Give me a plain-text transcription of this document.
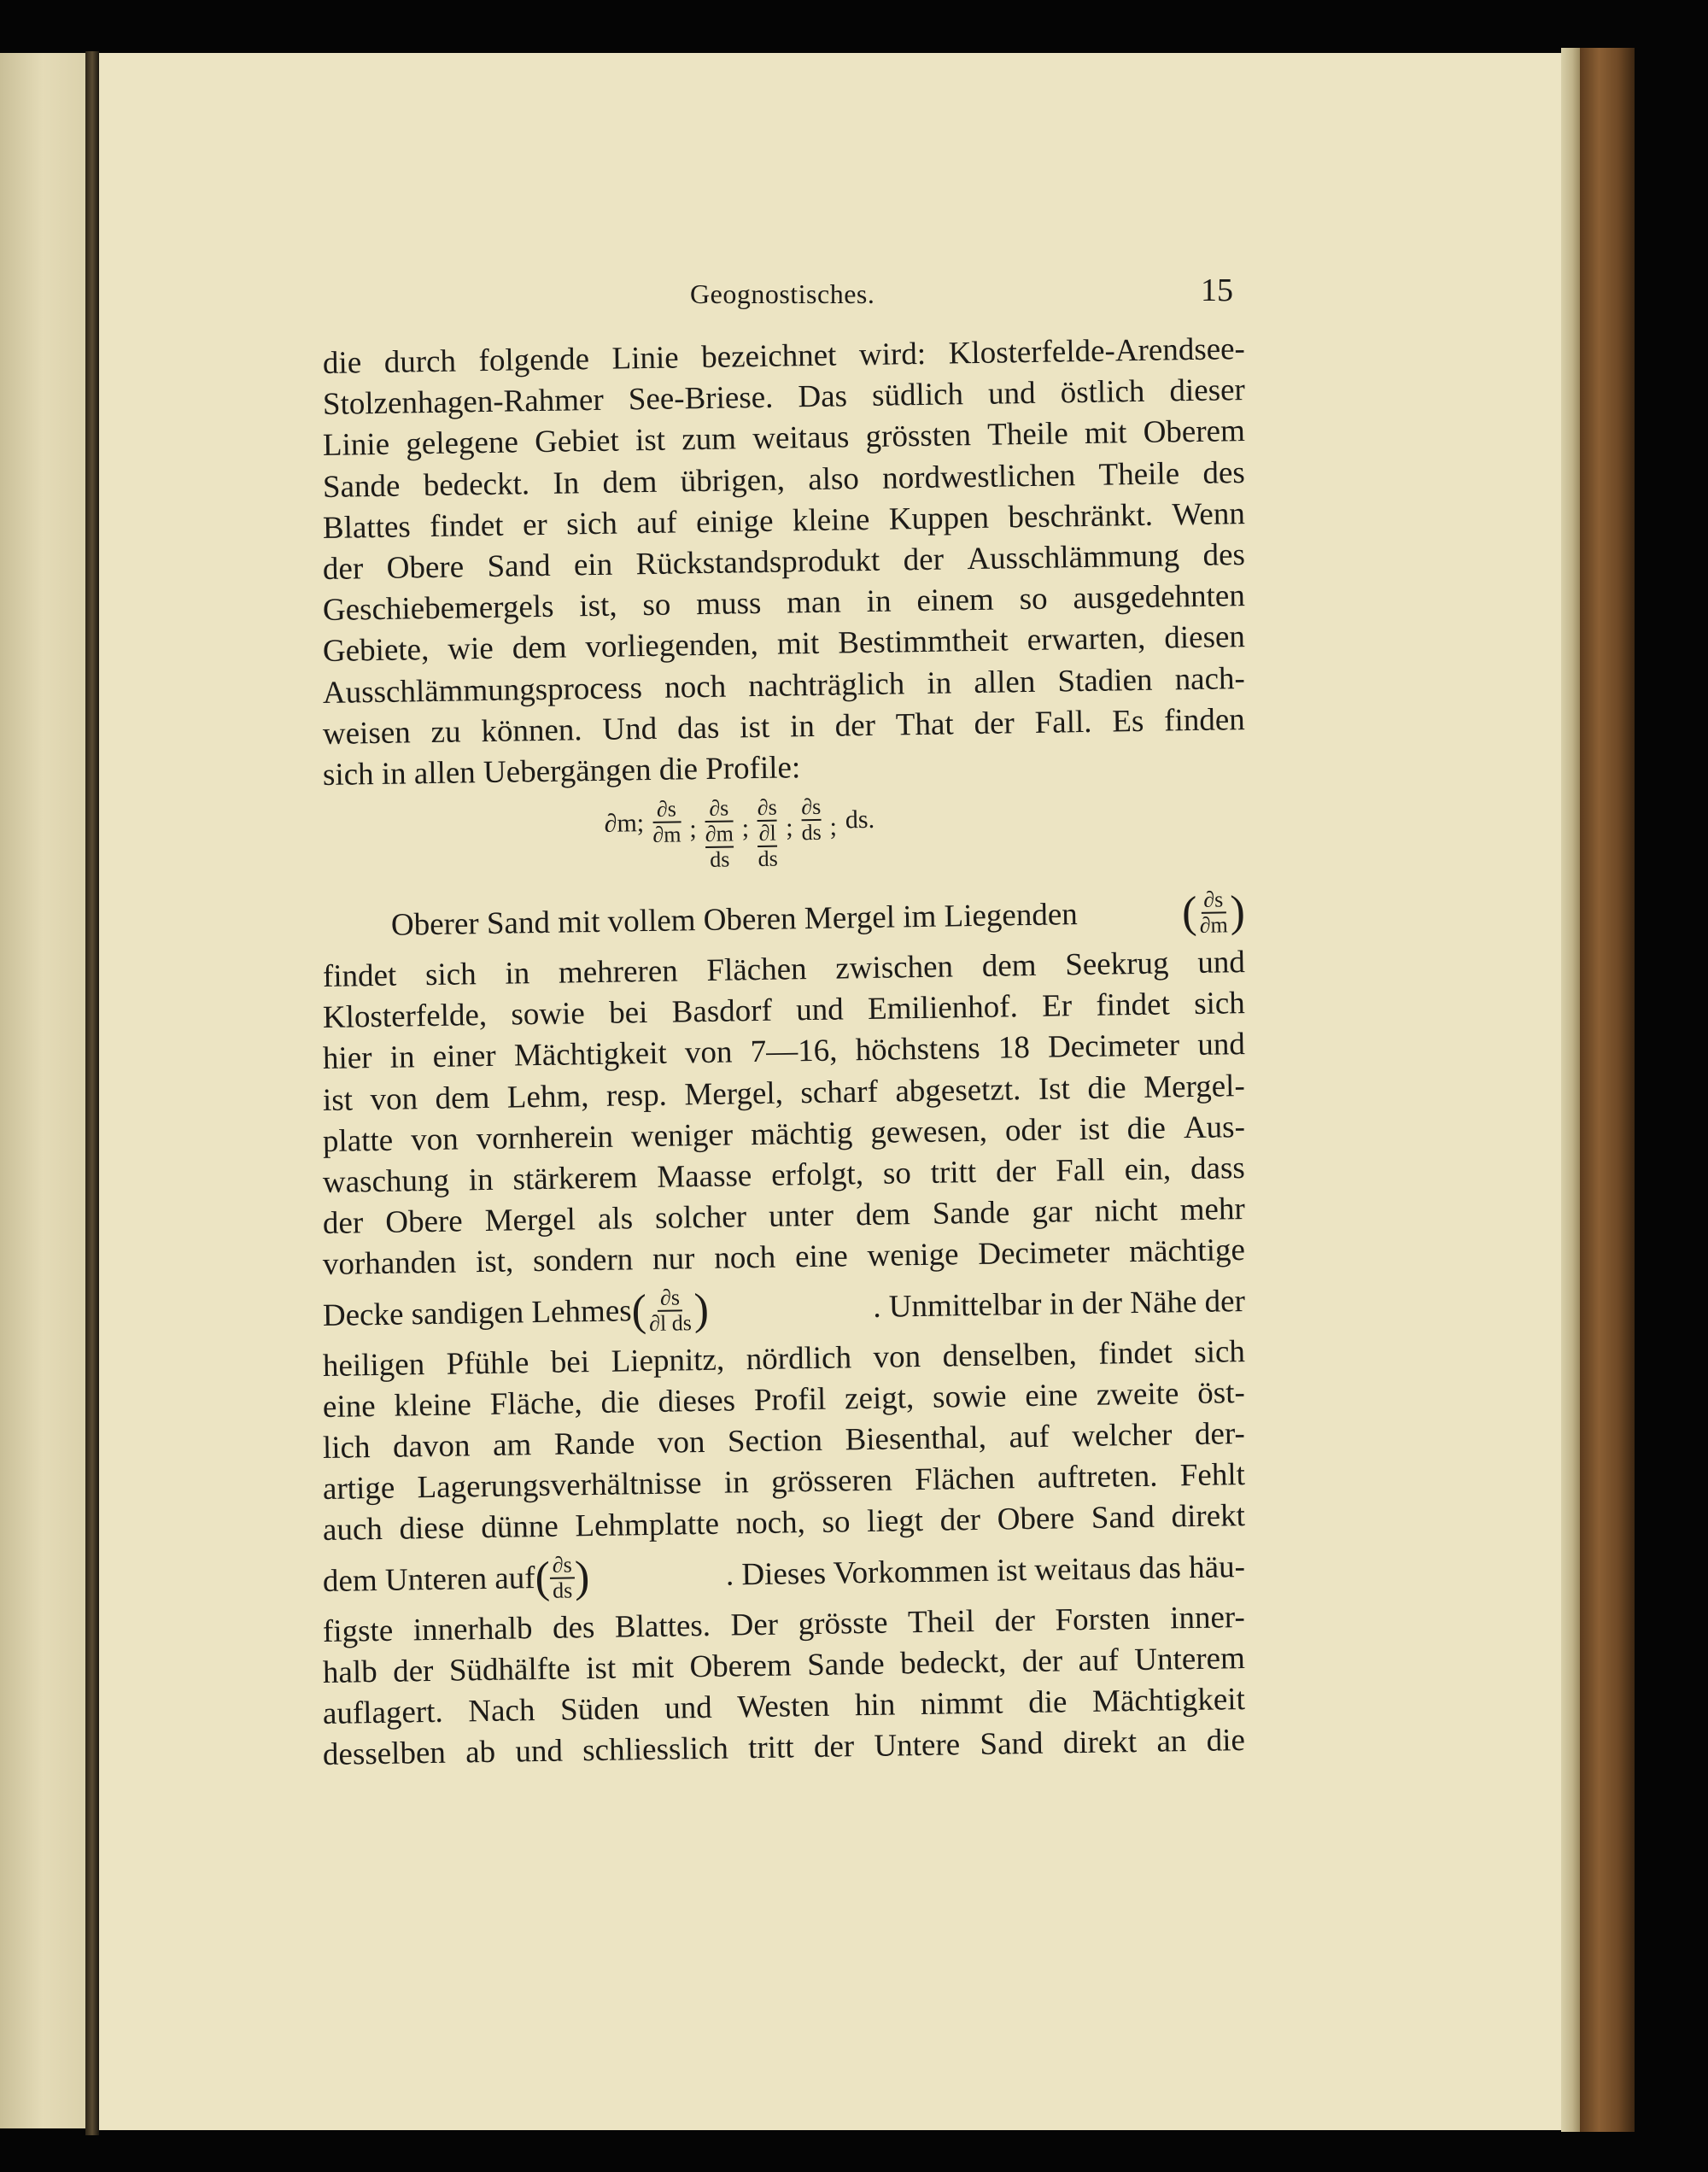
Geognostisches.	15
die durch folgende Linie bezeichnet wird: Klosterfelde-Arendsee-
Stolzenhagen-Rahmer See-Briese. Das südlich und östlich dieser
Linie gelegene Gebiet ist zum weitaus grössten Theile mit Oberem
Sande bedeckt. In dem übrigen, also nordwestlichen Theile des
Blattes findet er sich auf einige kleine Kuppen beschränkt. Wenn
der Obere Sand ein Rückstandsprodukt der Ausschlämmung des
Geschiebemergels ist, so muss man in einem so ausgedehnten
Gebiete, wie dem vorliegenden, mit Bestimmtheit erwarten, diesen
Ausschlämmungsprocess noch nachträglich in allen Stadien nach-
weisen zu können. Und das ist in der That der Fall. Es finden
sich in allen Uebergängen die Profile:
∂m; ∂s
∂m ;
∂s
∂m
ds
;
∂s
∂l
ds
;
∂s
ds ; ds.
Oberer Sand mit vollem Oberen Mergel im Liegenden	( $\frac{\partial s}{\partial m}$ )
findet sich in mehreren Flächen zwischen dem Seekrug und
Klosterfelde, sowie bei Basdorf und Emilienhof. Er findet sich
hier in einer Mächtigkeit von 7—16, höchstens 18 Decimeter und
ist von dem Lehm, resp. Mergel, scharf abgesetzt. Ist die Mergel-
platte von vornherein weniger mächtig gewesen, oder ist die Aus-
waschung in stärkerem Maasse erfolgt, so tritt der Fall ein, dass
der Obere Mergel als solcher unter dem Sande gar nicht mehr
vorhanden ist, sondern nur noch eine wenige Decimeter mächtige
Decke sandigen Lehmes ( $\frac{\partial s}{\text{∂l ds}}$ )	. Unmittelbar in der Nähe der
heiligen Pfühle bei Liepnitz, nördlich von denselben, findet sich
eine kleine Fläche, die dieses Profil zeigt, sowie eine zweite öst-
lich davon am Rande von Section Biesenthal, auf welcher der-
artige Lagerungsverhältnisse in grösseren Flächen auftreten. Fehlt
auch diese dünne Lehmplatte noch, so liegt der Obere Sand direkt
dem Unteren auf ( $\frac{\partial s}{ds}$ )	. Dieses Vorkommen ist weitaus das häu-
figste innerhalb des Blattes. Der grösste Theil der Forsten inner-
halb der Südhälfte ist mit Oberem Sande bedeckt, der auf Unterem
auflagert. Nach Süden und Westen hin nimmt die Mächtigkeit
desselben ab und schliesslich tritt der Untere Sand direkt an die
